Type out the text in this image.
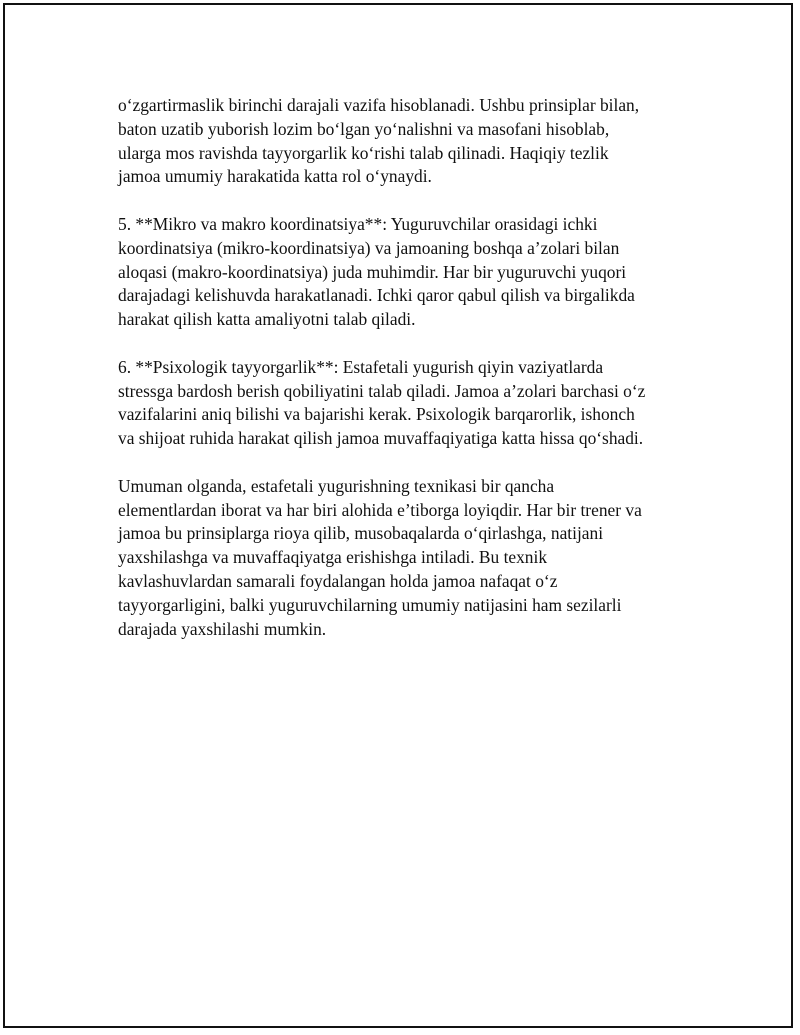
o‘zgartirmaslik birinchi darajali vazifa hisoblanadi. Ushbu prinsiplar bilan,
baton uzatib yuborish lozim bo‘lgan yo‘nalishni va masofani hisoblab,
ularga mos ravishda tayyorgarlik ko‘rishi talab qilinadi. Haqiqiy tezlik
jamoa umumiy harakatida katta rol o‘ynaydi.

5. **Mikro va makro koordinatsiya**: Yuguruvchilar orasidagi ichki
koordinatsiya (mikro-koordinatsiya) va jamoaning boshqa a’zolari bilan
aloqasi (makro-koordinatsiya) juda muhimdir. Har bir yuguruvchi yuqori
darajadagi kelishuvda harakatlanadi. Ichki qaror qabul qilish va birgalikda
harakat qilish katta amaliyotni talab qiladi.

6. **Psixologik tayyorgarlik**: Estafetali yugurish qiyin vaziyatlarda
stressga bardosh berish qobiliyatini talab qiladi. Jamoa a’zolari barchasi o‘z
vazifalarini aniq bilishi va bajarishi kerak. Psixologik barqarorlik, ishonch
va shijoat ruhida harakat qilish jamoa muvaffaqiyatiga katta hissa qo‘shadi.

Umuman olganda, estafetali yugurishning texnikasi bir qancha
elementlardan iborat va har biri alohida e’tiborga loyiqdir. Har bir trener va
jamoa bu prinsiplarga rioya qilib, musobaqalarda o‘qirlashga, natijani
yaxshilashga va muvaffaqiyatga erishishga intiladi. Bu texnik
kavlashuvlardan samarali foydalangan holda jamoa nafaqat o‘z
tayyorgarligini, balki yuguruvchilarning umumiy natijasini ham sezilarli
darajada yaxshilashi mumkin.
